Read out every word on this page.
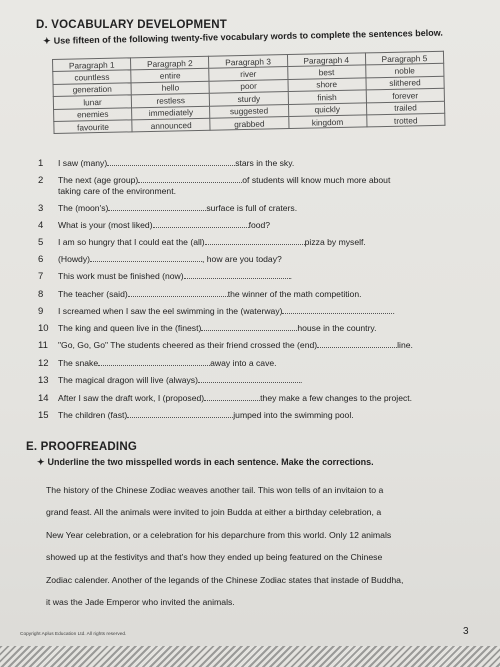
D. VOCABULARY DEVELOPMENT
✦ Use fifteen of the following twenty-five vocabulary words to complete the sentences below.
Paragraph 1	Paragraph 2	Paragraph 3	Paragraph 4	Paragraph 5
countless	entire	river	best	noble
generation	hello	poor	shore	slithered
lunar	restless	sturdy	finish	forever
enemies	immediately	suggested	quickly	trailed
favourite	announced	grabbed	kingdom	trotted
1 I saw (many)	stars in the sky.
2 The next (age group)	of students will know much more about
taking care of the environment.
3 The (moon's)	surface is full of craters.
4 What is your (most liked)	food?
5 I am so hungry that I could eat the (all)	pizza by myself.
6 (Howdy)	, how are you today?
7 This work must be finished (now)	.
8 The teacher (said)	the winner of the math competition.
9 I screamed when I saw the eel swimming in the (waterway)	.
10 The king and queen live in the (finest)	house in the country.
11 "Go, Go, Go" The students cheered as their friend crossed the (end)	line.
12 The snake	away into a cave.
13 The magical dragon will live (always)	.
14 After I saw the draft work, I (proposed)	they make a few changes to the project.
15 The children (fast)	jumped into the swimming pool.
E. PROOFREADING
✦ Underline the two misspelled words in each sentence. Make the corrections.
The history of the Chinese Zodiac weaves another tail. This won tells of an invitaion to a
grand feast. All the animals were invited to join Budda at either a birthday celebration, a
New Year celebration, or a celebration for his deparchure from this world. Only 12 animals
showed up at the festivitys and that's how they ended up being featured on the Chinese
Zodiac calender. Another of the legands of the Chinese Zodiac states that instade of Buddha,
it was the Jade Emperor who invited the animals.
Copyright Aplus Education Ltd. All rights reserved.	3
